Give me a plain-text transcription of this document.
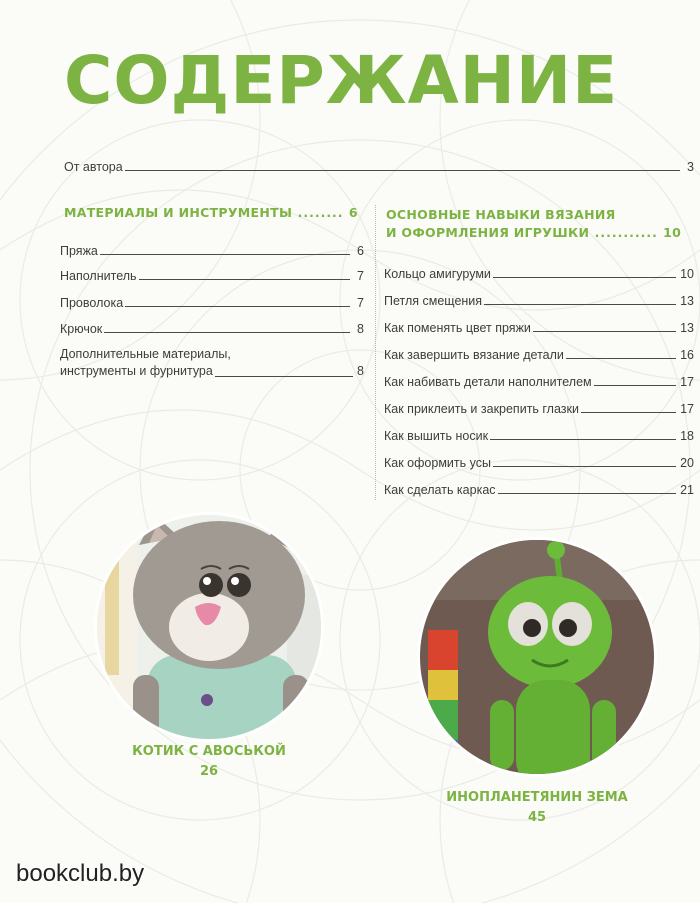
СОДЕРЖАНИЕ
От автора	3
МАТЕРИАЛЫ И ИНСТРУМЕНТЫ ........ 6
Пряжа	6
Наполнитель	7
Проволока	7
Крючок	8
Дополнительные материалы,
инструменты и фурнитура	8
ОСНОВНЫЕ НАВЫКИ ВЯЗАНИЯ
И ОФОРМЛЕНИЯ ИГРУШКИ ........... 10
Кольцо амигуруми	10
Петля смещения	13
Как поменять цвет пряжи	13
Как завершить вязание детали	16
Как набивать детали наполнителем	17
Как приклеить и закрепить глазки	17
Как вышить носик	18
Как оформить усы	20
Как сделать каркас	21
КОТИК С АВОСЬКОЙ
26
ИНОПЛАНЕТЯНИН ЗЕМА
45
bookclub.by
